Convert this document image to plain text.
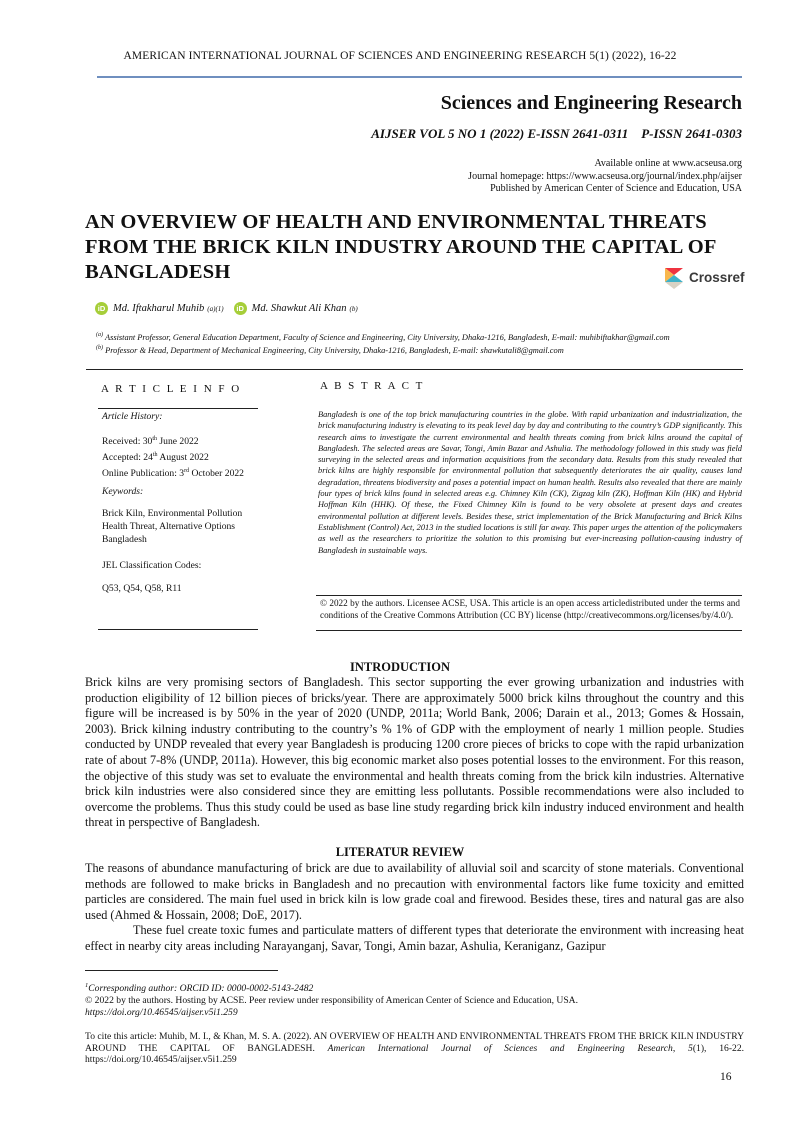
AMERICAN INTERNATIONAL JOURNAL OF SCIENCES AND ENGINEERING RESEARCH 5(1) (2022), 16-22
Sciences and Engineering Research
AIJSER VOL 5 NO 1 (2022) E-ISSN 2641-0311    P-ISSN 2641-0303
Available online at www.acseusa.org
Journal homepage: https://www.acseusa.org/journal/index.php/aijser
Published by American Center of Science and Education, USA
AN OVERVIEW OF HEALTH AND ENVIRONMENTAL THREATS FROM THE BRICK KILN INDUSTRY AROUND THE CAPITAL OF BANGLADESH	Crossref
iD Md. Iftakharul Muhib (a)(1)	iD Md. Shawkut Ali Khan (b)
$^{(a)}$ Assistant Professor, General Education Department, Faculty of Science and Engineering, City University, Dhaka-1216, Bangladesh, E-mail: muhibiftakhar@gmail.com
$^{(b)}$ Professor & Head, Department of Mechanical Engineering, City University, Dhaka-1216, Bangladesh, E-mail: shawkutali8@gmail.com
A R T I C L E I N F O	A B S T R A C T
Article History:
Received: 30th June 2022
Accepted: 24th August 2022
Online Publication: 3rd October 2022
Keywords:
Brick Kiln, Environmental Pollution
Health Threat, Alternative Options
Bangladesh
JEL Classification Codes:
Q53, Q54, Q58, R11
Bangladesh is one of the top brick manufacturing countries in the globe. With rapid urbanization and industrialization, the brick manufacturing industry is elevating to its peak level day by day and contributing to the country’s GDP significantly. This research aims to investigate the current environmental and health threats coming from brick kilns around the capital of Bangladesh. The selected areas are Savar, Tongi, Amin Bazar and Ashulia. The methodology followed in this study was field surveying in the selected areas and information acquisitions from the secondary data. Results from this study revealed that brick kilns are highly responsible for environmental pollution that subsequently deteriorates the air quality, causes land degradation, threatens biodiversity and poses a potential impact on human health. Results also revealed that there are mainly four types of brick kilns found in selected areas e.g. Chimney Kiln (CK), Zigzag kiln (ZK), Hoffman Kiln (HK) and Hybrid Hoffman Kiln (HHK). Of these, the Fixed Chimney Kiln is found to be very obsolete at present days and creates environmental pollution at different levels. Besides these, strict implementation of the Brick Manufacturing and Brick Kilns Establishment (Control) Act, 2013 in the studied locations is still far away. This paper urges the attention of the policymakers as well as the researchers to prioritize the solution to this promising but ever-increasing pollution-causing industry of Bangladesh in sustainable ways.
© 2022 by the authors. Licensee ACSE, USA. This article is an open access articledistributed under the terms and conditions of the Creative Commons Attribution (CC BY) license (http://creativecommons.org/licenses/by/4.0/).
INTRODUCTION

Brick kilns are very promising sectors of Bangladesh. This sector supporting the ever growing urbanization and industries with production eligibility of 12 billion pieces of bricks/year. There are approximately 5000 brick kilns throughout the country and this figure will be increased is by 50% in the year of 2020 (UNDP, 2011a; World Bank, 2006; Darain et al., 2013; Gomes & Hossain, 2003). Brick kilning industry contributing to the country’s % 1% of GDP with the employment of nearly 1 million people. Studies conducted by UNDP revealed that every year Bangladesh is producing 1200 crore pieces of bricks to cope with the rapid urbanization rate of about 7-8% (UNDP, 2011a). However, this big economic market also poses potential losses to the environment. For this reason, the objective of this study was set to evaluate the environmental and health threats coming from the brick kiln industries. Alternative brick kiln industries were also considered since they are emitting less pollutants. Possible recommendations were also included to overcome the problems. Thus this study could be used as base line study regarding brick kiln industry induced environment and health threat in perspective of Bangladesh.

LITERATUR REVIEW

The reasons of abundance manufacturing of brick are due to availability of alluvial soil and scarcity of stone materials. Conventional methods are followed to make bricks in Bangladesh and no precaution with environmental factors like fume toxicity and emitted particles are considered. The main fuel used in brick kiln is low grade coal and firewood. Besides these, tires and natural gas are also used (Ahmed & Hossain, 2008; DoE, 2017).

These fuel create toxic fumes and particulate matters of different types that deteriorate the environment with increasing heat effect in nearby city areas including Narayanganj, Savar, Tongi, Amin bazar, Ashulia, Keraniganz, Gazipur

$^1$Corresponding author: ORCID ID: 0000-0002-5143-2482
© 2022 by the authors. Hosting by ACSE. Peer review under responsibility of American Center of Science and Education, USA.
https://doi.org/10.46545/aijser.v5i1.259
To cite this article: Muhib, M. I., & Khan, M. S. A. (2022). AN OVERVIEW OF HEALTH AND ENVIRONMENTAL THREATS FROM THE BRICK KILN INDUSTRY AROUND THE CAPITAL OF BANGLADESH. American International Journal of Sciences and Engineering Research, 5(1), 16-22. https://doi.org/10.46545/aijser.v5i1.259
16
